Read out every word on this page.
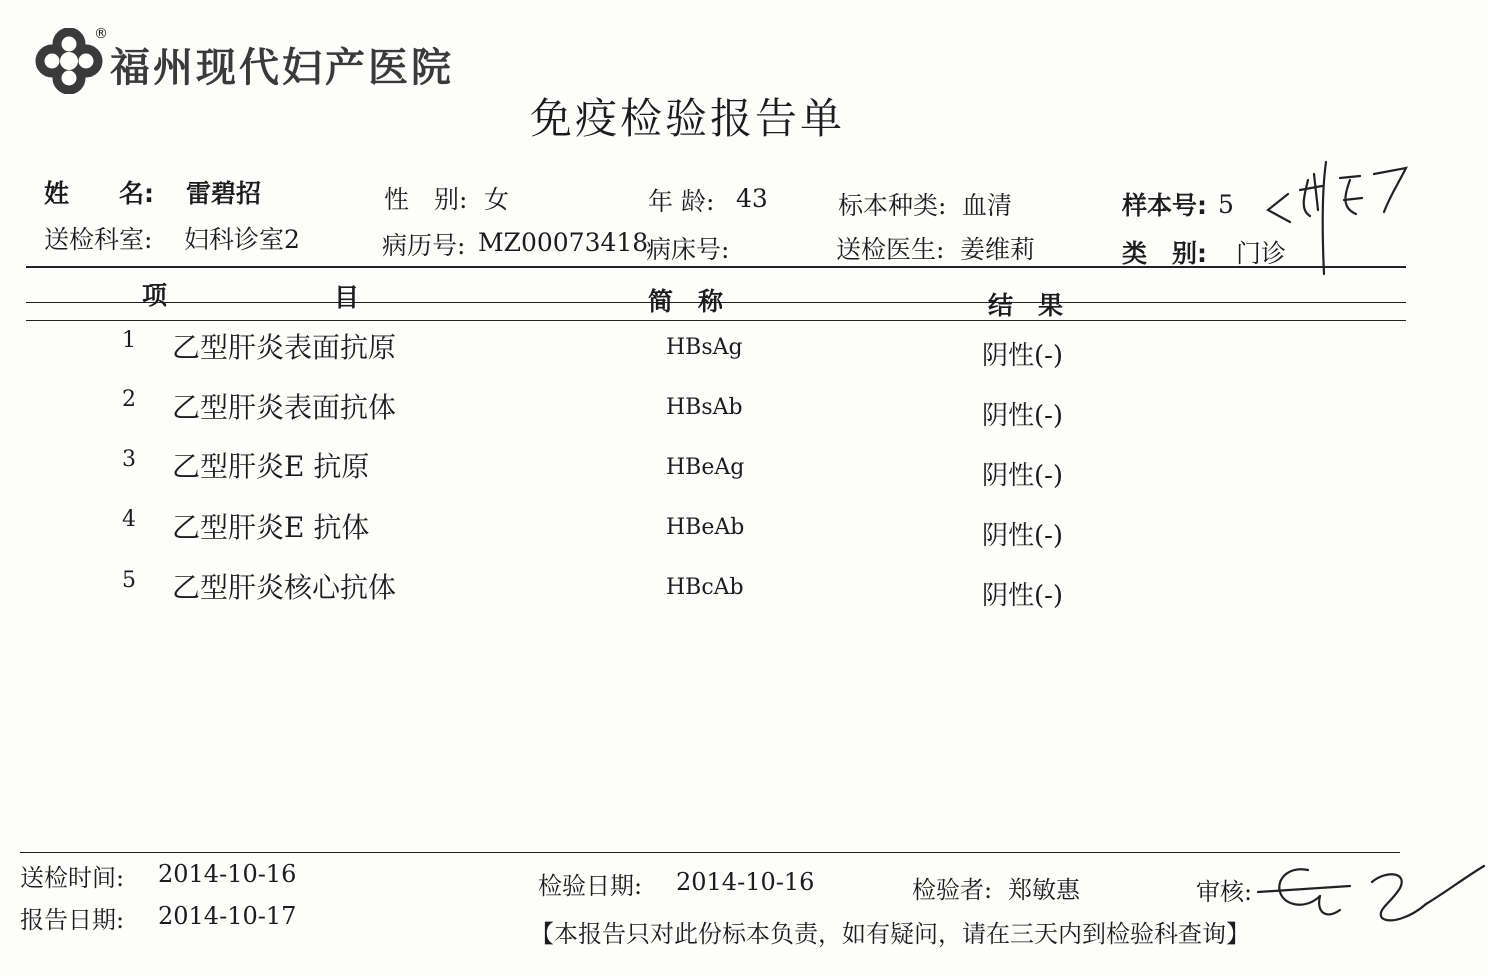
®
福州现代妇产医院
免疫检验报告单
姓　　名: 雷碧招	性　别: 女	年 龄: 43	标本种类: 血清	样本号: 5
送检科室: 妇科诊室2	病历号: MZ00073418
病床号:	送检医生: 姜维莉	类　别: 门诊
项	目	简　称	结　果
1 乙型肝炎表面抗原	HBsAg	阴性(-)
2 乙型肝炎表面抗体	HBsAb	阴性(-)
3 乙型肝炎E 抗原	HBeAg	阴性(-)
4 乙型肝炎E 抗体	HBeAb	阴性(-)
5 乙型肝炎核心抗体	HBcAb	阴性(-)
送检时间: 2014-10-16
报告日期: 2014-10-17
检验日期: 2014-10-16	检验者: 郑敏惠	审核:
【本报告只对此份标本负责，如有疑问，请在三天内到检验科查询】
